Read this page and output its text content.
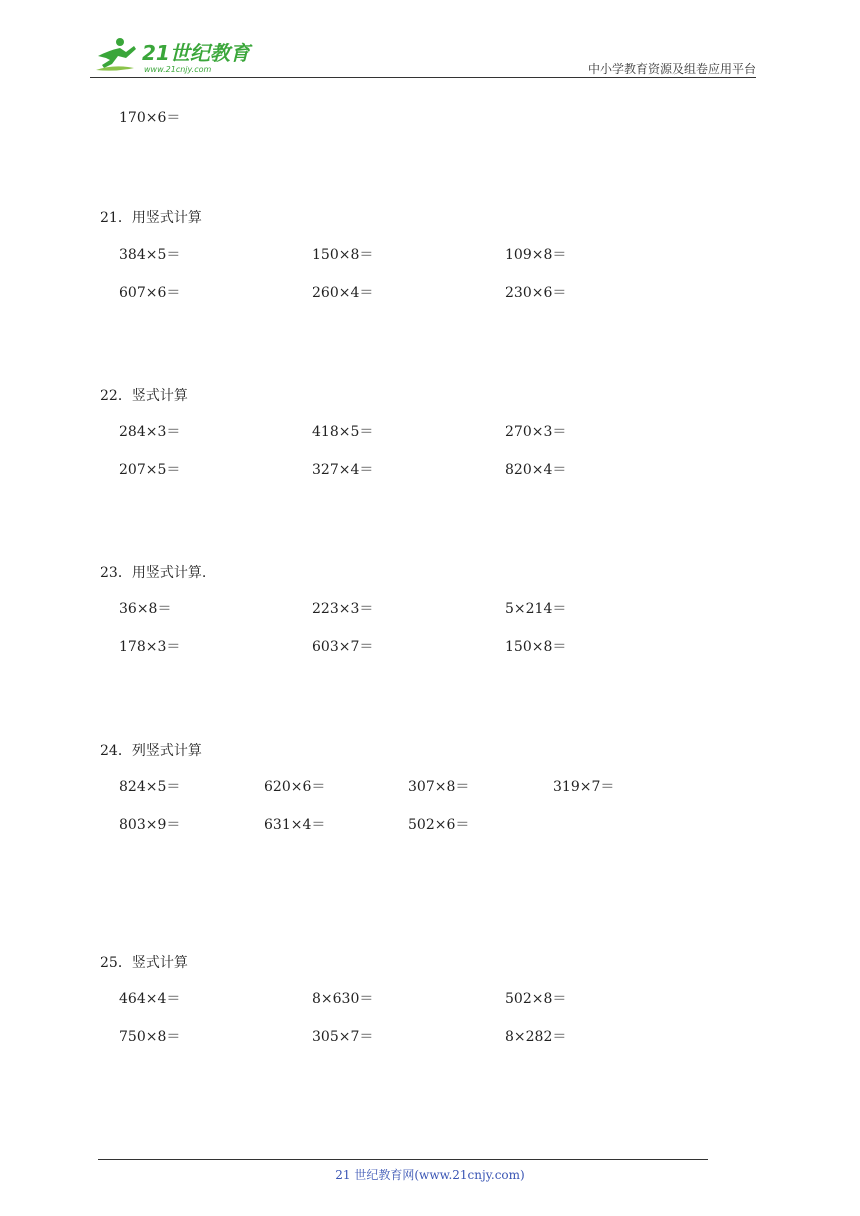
21世纪教育
www.21cnjy.com	中小学教育资源及组卷应用平台
170×6＝
21．用竖式计算
384×5＝	150×8＝	109×8＝
607×6＝	260×4＝	230×6＝
22．竖式计算
284×3＝	418×5＝	270×3＝
207×5＝	327×4＝	820×4＝
23．用竖式计算.
36×8＝	223×3＝	5×214＝
178×3＝	603×7＝	150×8＝
24．列竖式计算
824×5＝	620×6＝	307×8＝	319×7＝
803×9＝	631×4＝	502×6＝
25．竖式计算
464×4＝	8×630＝	502×8＝
750×8＝	305×7＝	8×282＝
21 世纪教育网(www.21cnjy.com)
